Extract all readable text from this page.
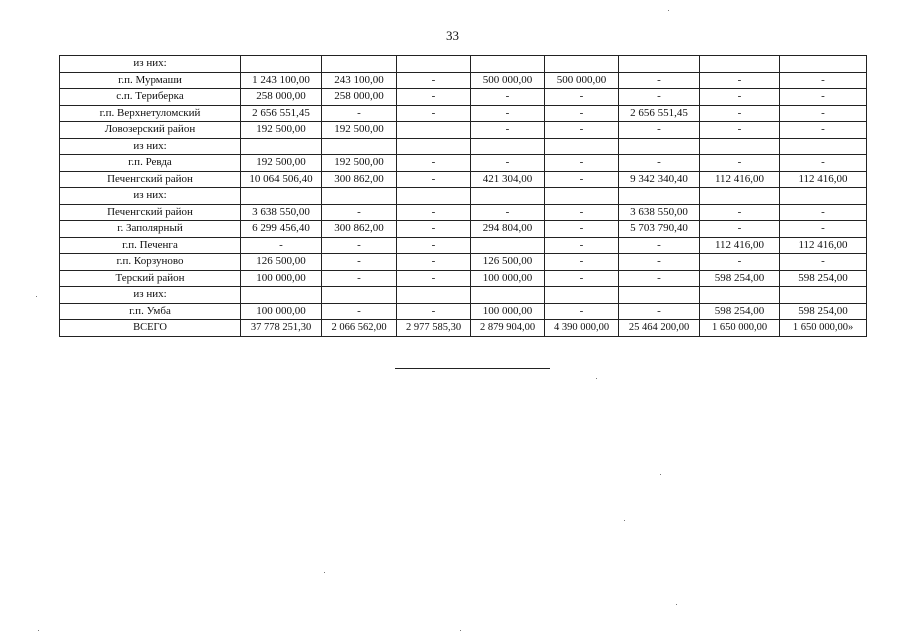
33
из них:								
г.п. Мурмаши	1 243 100,00	243 100,00	-	500 000,00	500 000,00	-	-	-
с.п. Териберка	258 000,00	258 000,00	-	-	-	-	-	-
г.п. Верхнетуломский	2 656 551,45	-	-	-	-	2 656 551,45	-	-
Ловозерский район	192 500,00	192 500,00		-	-	-	-	-
из них:								
г.п. Ревда	192 500,00	192 500,00	-	-	-	-	-	-
Печенгский район	10 064 506,40	300 862,00	-	421 304,00	-	9 342 340,40	112 416,00	112 416,00
из них:								
Печенгский район	3 638 550,00	-	-	-	-	3 638 550,00	-	-
г. Заполярный	6 299 456,40	300 862,00	-	294 804,00	-	5 703 790,40	-	-
г.п. Печенга	-	-	-		-	-	112 416,00	112 416,00
г.п. Корзуново	126 500,00	-	-	126 500,00	-	-	-	-
Терский район	100 000,00	-	-	100 000,00	-	-	598 254,00	598 254,00
из них:								
г.п. Умба	100 000,00	-	-	100 000,00	-	-	598 254,00	598 254,00
ВСЕГО	37 778 251,30	2 066 562,00	2 977 585,30	2 879 904,00	4 390 000,00	25 464 200,00	1 650 000,00	1 650 000,00»
